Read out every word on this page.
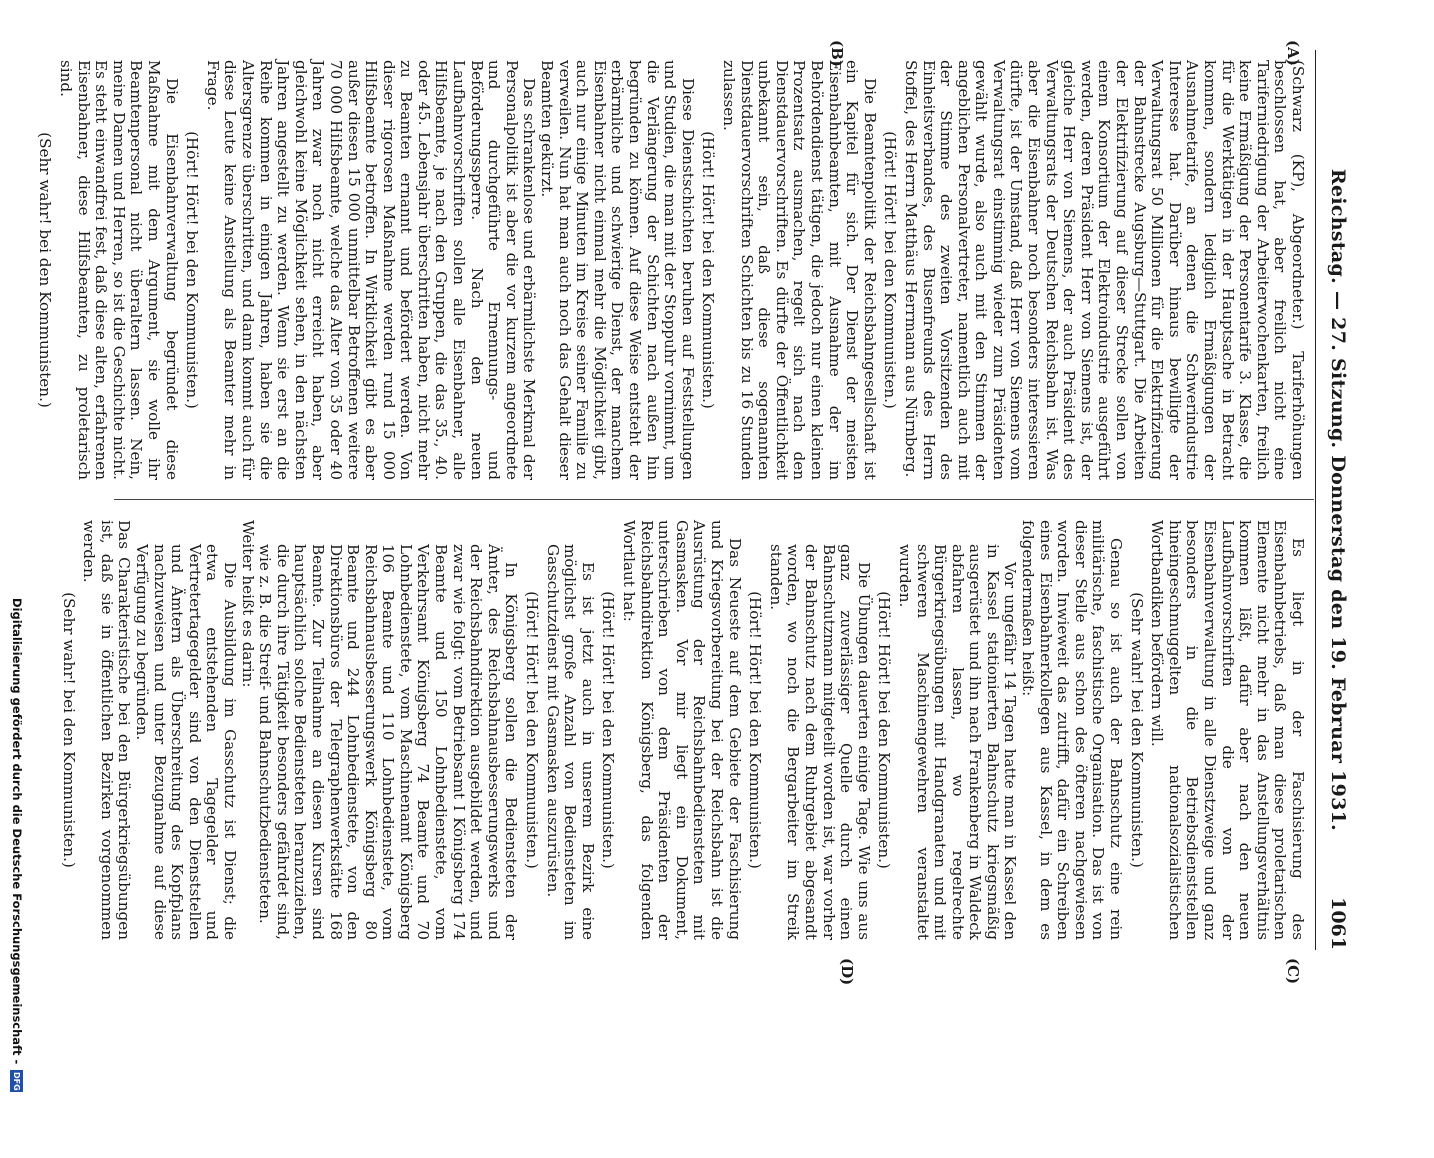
Reichstag. — 27. Sitzung. Donnerstag den 19. Februar 1931.
1061
(A)
(B)
(C)
(D)

(Schwarz (KP), Abgeordneter.) Tariferhöhungen beschlossen hat, aber freilich nicht eine Tariferniedrigung der Arbeiterwochenkarten, freilich keine Ermäßigung der Personentarife 3. Klasse, die für die Werktätigen in der Hauptsache in Betracht kommen, sondern lediglich Ermäßigungen der Ausnahmetarife, an denen die Schwerindustrie Interesse hat. Darüber hinaus bewilligte der Verwaltungsrat 50 Millionen für die Elektrifizierung der Bahnstrecke Augsburg—Stuttgart. Die Arbeiten der Elektrifizierung auf dieser Strecke sollen von einem Konsortium der Elektroindustrie ausgeführt werden, deren Präsident Herr von Siemens ist, der gleiche Herr von Siemens, der auch Präsident des Verwaltungsrats der Deutschen Reichsbahn ist. Was aber die Eisenbahner noch besonders interessieren dürfte, ist der Umstand, daß Herr von Siemens vom Verwaltungsrat einstimmig wieder zum Präsidenten gewählt wurde, also auch mit den Stimmen der angeblichen Personalvertreter, namentlich auch mit der Stimme des zweiten Vorsitzenden des Einheitsverbandes, des Busenfreunds des Herrn Stoffel, des Herrn Matthäus Herrmann aus Nürnberg.

(Hört! Hört! bei den Kommunisten.)

Die Beamtenpolitik der Reichsbahngesellschaft ist ein Kapitel für sich. Der Dienst der meisten Eisenbahnbeamten, mit Ausnahme der im Behördendienst tätigen, die jedoch nur einen kleinen Prozentsatz ausmachen, regelt sich nach den Dienstdauervorschriften. Es dürfte der Öffentlichkeit unbekannt sein, daß diese sogenannten Dienstdauervorschriften Schichten bis zu 16 Stunden zulassen.

(Hört! Hört! bei den Kommunisten.)

Diese Dienstschichten beruhen auf Feststellungen und Studien, die man mit der Stoppuhr vornimmt, um die Verlängerung der Schichten nach außen hin begründen zu können. Auf diese Weise entsteht der erbärmliche und schwierige Dienst, der manchem Eisenbahner nicht einmal mehr die Möglichkeit gibt, auch nur einige Minuten im Kreise seiner Familie zu verweilen. Nun hat man auch noch das Gehalt dieser Beamten gekürzt.

Das schrankenlose und erbärmlichste Merkmal der Personalpolitik ist aber die vor kurzem angeordnete und durchgeführte Ernennungs- und Beförderungssperre. Nach den neuen Laufbahnvorschriften sollen alle Eisenbahner, alle Hilfsbeamte, je nach den Gruppen, die das 35., 40. oder 45. Lebensjahr überschritten haben, nicht mehr zu Beamten ernannt und befördert werden. Von dieser rigorosen Maßnahme werden rund 15 000 Hilfsbeamte betroffen. In Wirklichkeit gibt es aber außer diesen 15 000 unmittelbar Betroffenen weitere 70 000 Hilfsbeamte, welche das Alter von 35 oder 40 Jahren zwar noch nicht erreicht haben, aber gleichwohl keine Möglichkeit sehen, in den nächsten Jahren angestellt zu werden. Wenn sie erst an die Reihe kommen in einigen Jahren, haben sie die Altersgrenze überschritten, und dann kommt auch für diese Leute keine Anstellung als Beamter mehr in Frage.

(Hört! Hört! bei den Kommunisten.)

Die Eisenbahnverwaltung begründet diese Maßnahme mit dem Argument, sie wolle ihr Beamtenpersonal nicht überaltern lassen. Nein, meine Damen und Herren, so ist die Geschichte nicht. Es steht einwandfrei fest, daß diese alten, erfahrenen Eisenbahner, diese Hilfsbeamten, zu proletarisch sind.

(Sehr wahr! bei den Kommunisten.)

Es liegt in der Faschisierung des Eisenbahnbetriebs, daß man diese proletarischen Elemente nicht mehr in das Anstellungsverhältnis kommen läßt, dafür aber nach den neuen Laufbahnvorschriften die von der Eisenbahnverwaltung in alle Dienstzweige und ganz besonders in die Betriebsdienststellen hineingeschmuggelten nationalsozialistischen Wortbandiken befördern will.

(Sehr wahr! bei den Kommunisten.)

Genau so ist auch der Bahnschutz eine rein militärische, faschistische Organisation. Das ist von dieser Stelle aus schon des öfteren nachgewiesen worden. Inwieweit das zutrifft, dafür ein Schreiben eines Eisenbahnerkollegen aus Kassel, in dem es folgendermaßen heißt:

Vor ungefähr 14 Tagen hatte man in Kassel den in Kassel stationierten Bahnschutz kriegsmäßig ausgerüstet und ihn nach Frankenberg in Waldeck abfahren lassen, wo regelrechte Bürgerkriegsübungen mit Handgranaten und mit schweren Maschinengewehren veranstaltet wurden.

(Hört! Hört! bei den Kommunisten.)

Die Übungen dauerten einige Tage. Wie uns aus ganz zuverlässiger Quelle durch einen Bahnschutzmann mitgeteilt worden ist, war vorher der Bahnschutz nach dem Ruhrgebiet abgesandt worden, wo noch die Bergarbeiter im Streik standen.

(Hört! Hört! bei den Kommunisten.)

Das Neueste auf dem Gebiete der Faschisierung und Kriegsvorbereitung bei der Reichsbahn ist die Ausrüstung der Reichsbahnbediensteten mit Gasmasken. Vor mir liegt ein Dokument, unterschrieben von dem Präsidenten der Reichsbahndirektion Königsberg, das folgenden Wortlaut hat:

(Hört! Hört! bei den Kommunisten.)

Es ist jetzt auch in unserem Bezirk eine möglichst große Anzahl von Bediensteten im Gasschutzdienst mit Gasmasken auszurüsten.

(Hört! Hört! bei den Kommunisten.)

In Königsberg sollen die Bediensteten der Ämter, des Reichsbahnausbesserungswerks und der Reichsbahndirektion ausgebildet werden, und zwar wie folgt: vom Betriebsamt I Königsberg 174 Beamte und 150 Lohnbedienstete, vom Verkehrsamt Königsberg 74 Beamte und 70 Lohnbedienstete, vom Maschinenamt Königsberg 106 Beamte und 110 Lohnbedienstete, vom Reichsbahnausbesserungswerk Königsberg 80 Beamte und 244 Lohnbedienstete, von den Direktionsbüros der Telegraphenwerkstätte 168 Beamte. Zur Teilnahme an diesen Kursen sind hauptsächlich solche Bediensteten heranzuziehen, die durch ihre Tätigkeit besonders gefährdet sind, wie z. B. die Streif- und Bahnschutzbediensteten.

Weiter heißt es darin:

Die Ausbildung im Gasschutz ist Dienst; die etwa entstehenden Tagegelder und Vertretertagegelder sind von den Dienststellen und Ämtern als Überschreitung des Kopfplans nachzuweisen und unter Bezugnahme auf diese Verfügung zu begründen.

Das Charakteristische bei den Bürgerkriegsübungen ist, daß sie in öffentlichen Bezirken vorgenommen werden.

(Sehr wahr! bei den Kommunisten.)

Digitalisierung gefördert durch die Deutsche Forschungsgemeinschaft -
DFG
